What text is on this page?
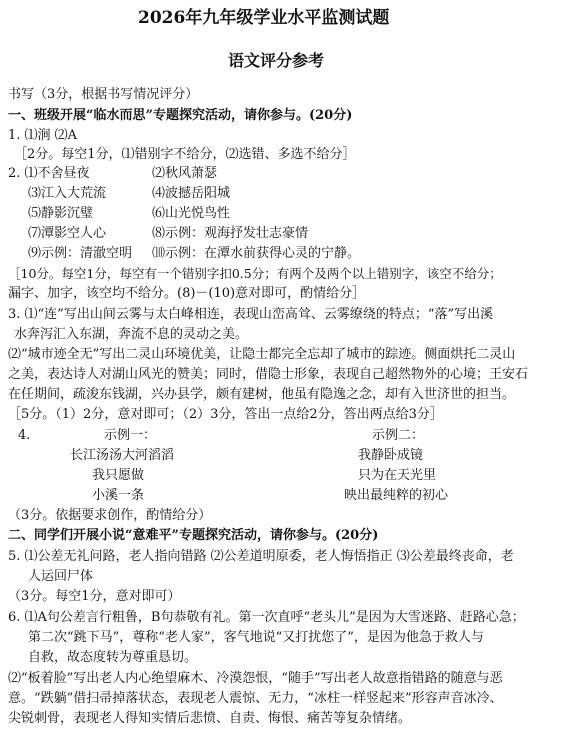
2026年九年级学业水平监测试题
语文评分参考
书写（3分，根据书写情况评分）
一、班级开展“临水而思”专题探究活动，请你参与。(20分)
1. ⑴涧 ⑵A
［2分。每空1分，⑴错别字不给分，⑵选错、多选不给分］
2. ⑴不舍昼夜	⑵秋风萧瑟
⑶江入大荒流	⑷波撼岳阳城
⑸静影沉璧	⑹山光悦鸟性
⑺潭影空人心	⑻示例：观海抒发壮志豪情
⑼示例：清澈空明 ⑽示例：在潭水前获得心灵的宁静。
［10分。每空1分，每空有一个错别字扣0.5分；有两个及两个以上错别字，该空不给分；
漏字、加字，该空均不给分。(8)－(10)意对即可，酌情给分］
3. ⑴“连”写出山间云雾与太白峰相连，表现山峦高耸、云雾缭绕的特点；“落”写出溪
水奔泻汇入东湖，奔流不息的灵动之美。
⑵“城市迹全无”写出二灵山环境优美，让隐士都完全忘却了城市的踪迹。侧面烘托二灵山
之美，表达诗人对湖山风光的赞美；同时，借隐士形象，表现自己超然物外的心境；王安石
在任期间，疏浚东钱湖，兴办县学，颇有建树，他虽有隐逸之念，却有入世济世的担当。
［5分。（1）2分，意对即可；（2）3分，答出一点给2分，答出两点给3分］
4.	示例一：	示例二：
长江汤汤大河滔滔	我静卧成镜
我只愿做	只为在天光里
小溪一条	映出最纯粹的初心
（3分。依据要求创作，酌情给分）
二、同学们开展小说“意难平”专题探究活动，请你参与。(20分)
5. ⑴公差无礼问路，老人指向错路 ⑵公差道明原委，老人悔悟指正 ⑶公差最终丧命，老
人运回尸体
（3分。每空1分，意对即可）
6. ⑴A句公差言行粗鲁，B句恭敬有礼。第一次直呼“老头儿”是因为大雪迷路、赶路心急；
第二次“跳下马”，尊称“老人家”，客气地说“又打扰您了”，是因为他急于救人与
自救，故态度转为尊重恳切。
⑵“板着脸”写出老人内心绝望麻木、冷漠怨恨，“随手”写出老人故意指错路的随意与恶
意。“跌躺”借扫帚掉落状态，表现老人震惊、无力，“冰柱一样竖起来”形容声音冰冷、
尖锐刺骨，表现老人得知实情后悲愤、自责、悔恨、痛苦等复杂情绪。
